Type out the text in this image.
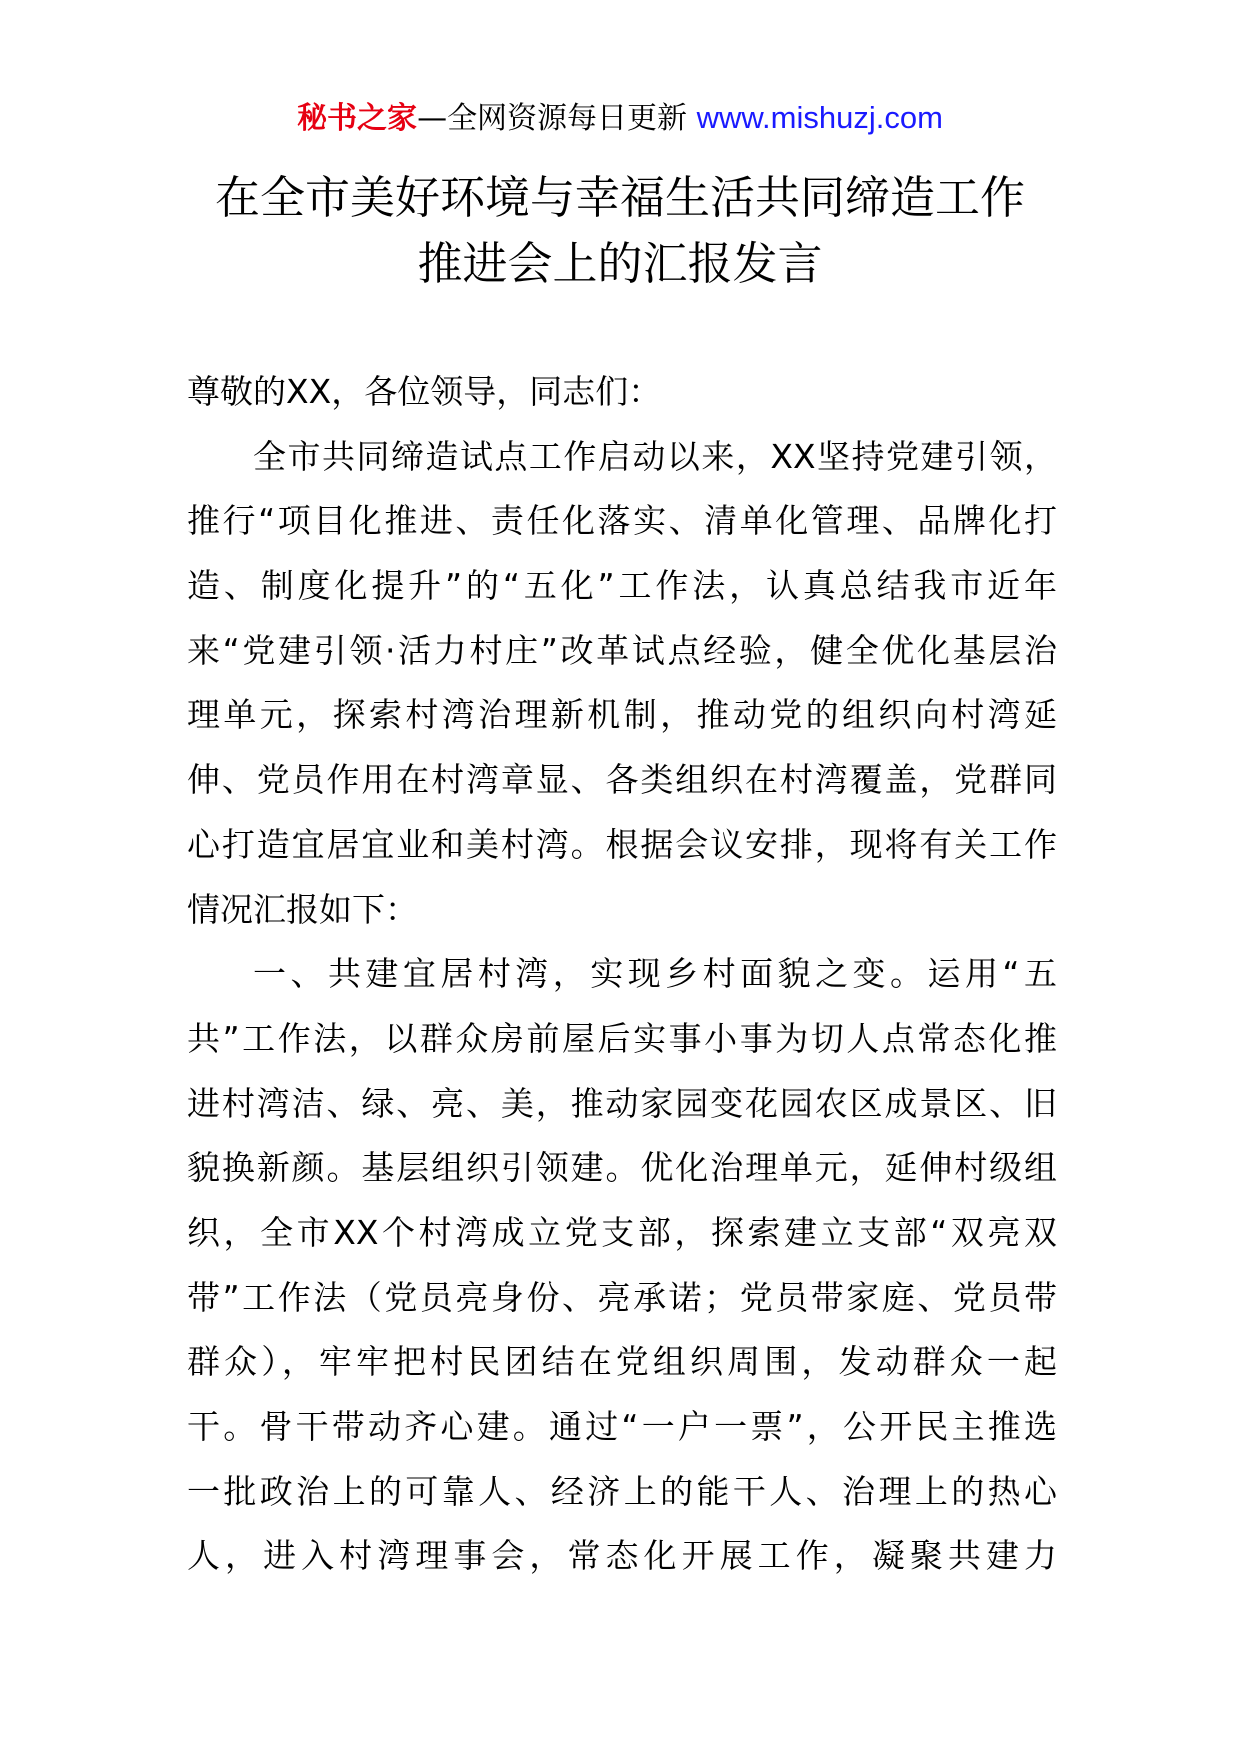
秘书之家—全网资源每日更新 www.mishuzj.com
在全市美好环境与幸福生活共同缔造工作
推进会上的汇报发言
尊敬的XX，各位领导，同志们：
全市共同缔造试点工作启动以来，XX坚持党建引领，
推行“项目化推进、责任化落实、清单化管理、品牌化打
造、制度化提升”的“五化”工作法，认真总结我市近年
来“党建引领·活力村庄”改革试点经验，健全优化基层治
理单元，探索村湾治理新机制，推动党的组织向村湾延
伸、党员作用在村湾章显、各类组织在村湾覆盖，党群同
心打造宜居宜业和美村湾。根据会议安排，现将有关工作
情况汇报如下：
一、共建宜居村湾，实现乡村面貌之变。运用“五
共”工作法，以群众房前屋后实事小事为切人点常态化推
进村湾洁、绿、亮、美，推动家园变花园农区成景区、旧
貌换新颜。基层组织引领建。优化治理单元，延伸村级组
织，全市XX个村湾成立党支部，探索建立支部“双亮双
带”工作法（党员亮身份、亮承诺；党员带家庭、党员带
群众），牢牢把村民团结在党组织周围，发动群众一起
干。骨干带动齐心建。通过“一户一票”，公开民主推选
一批政治上的可靠人、经济上的能干人、治理上的热心
人，进入村湾理事会，常态化开展工作，凝聚共建力
